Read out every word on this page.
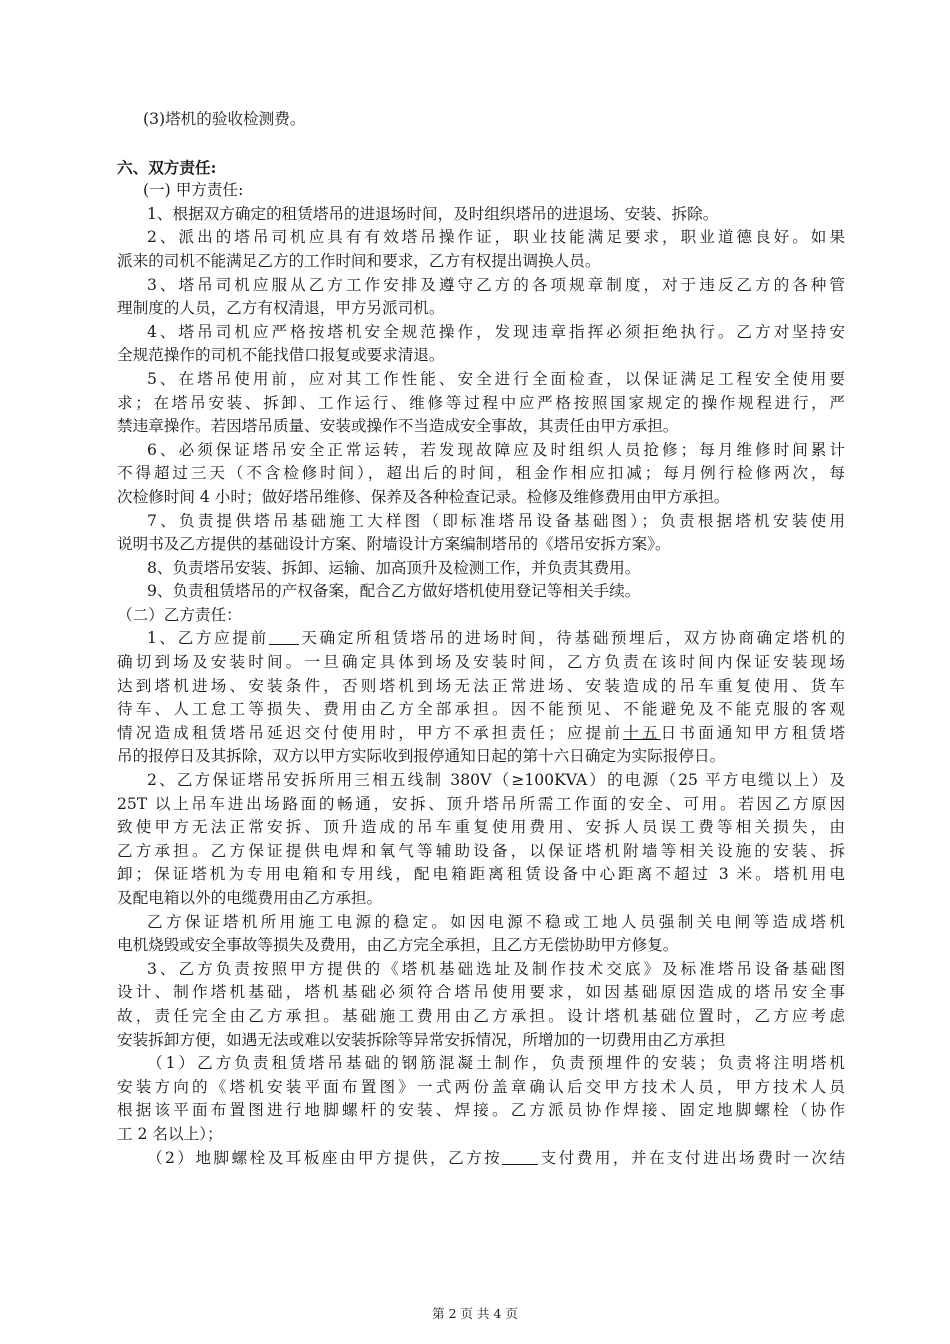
(3)塔机的验收检测费。

六、双方责任:

(一) 甲方责任:

1、根据双方确定的租赁塔吊的进退场时间，及时组织塔吊的进退场、安装、拆除。

2、派出的塔吊司机应具有有效塔吊操作证，职业技能满足要求，职业道德良好。如果

派来的司机不能满足乙方的工作时间和要求，乙方有权提出调换人员。

3、塔吊司机应服从乙方工作安排及遵守乙方的各项规章制度，对于违反乙方的各种管

理制度的人员，乙方有权清退，甲方另派司机。

4、塔吊司机应严格按塔机安全规范操作，发现违章指挥必须拒绝执行。乙方对坚持安

全规范操作的司机不能找借口报复或要求清退。

5、在塔吊使用前，应对其工作性能、安全进行全面检查，以保证满足工程安全使用要

求；在塔吊安装、拆卸、工作运行、维修等过程中应严格按照国家规定的操作规程进行，严

禁违章操作。若因塔吊质量、安装或操作不当造成安全事故，其责任由甲方承担。

6、必须保证塔吊安全正常运转，若发现故障应及时组织人员抢修；每月维修时间累计

不得超过三天（不含检修时间），超出后的时间，租金作相应扣减；每月例行检修两次，每

次检修时间 4 小时；做好塔吊维修、保养及各种检查记录。检修及维修费用由甲方承担。

7、负责提供塔吊基础施工大样图（即标准塔吊设备基础图）；负责根据塔机安装使用

说明书及乙方提供的基础设计方案、附墙设计方案编制塔吊的《塔吊安拆方案》。

8、负责塔吊安装、拆卸、运输、加高顶升及检测工作，并负责其费用。

9、负责租赁塔吊的产权备案，配合乙方做好塔机使用登记等相关手续。

（二）乙方责任：

1、乙方应提前 天确定所租赁塔吊的进场时间，待基础预埋后，双方协商确定塔机的

确切到场及安装时间。一旦确定具体到场及安装时间，乙方负责在该时间内保证安装现场

达到塔机进场、安装条件，否则塔机到场无法正常进场、安装造成的吊车重复使用、货车

待车、人工怠工等损失、费用由乙方全部承担。因不能预见、不能避免及不能克服的客观

情况造成租赁塔吊延迟交付使用时，甲方不承担责任；应提前十五日书面通知甲方租赁塔

吊的报停日及其拆除，双方以甲方实际收到报停通知日起的第十六日确定为实际报停日。

2、乙方保证塔吊安拆所用三相五线制 380V（≥100KVA）的电源（25 平方电缆以上）及

25T 以上吊车进出场路面的畅通，安拆、顶升塔吊所需工作面的安全、可用。若因乙方原因

致使甲方无法正常安拆、顶升造成的吊车重复使用费用、安拆人员误工费等相关损失，由

乙方承担。乙方保证提供电焊和氧气等辅助设备，以保证塔机附墙等相关设施的安装、拆

卸；保证塔机为专用电箱和专用线，配电箱距离租赁设备中心距离不超过 3 米。塔机用电

及配电箱以外的电缆费用由乙方承担。

乙方保证塔机所用施工电源的稳定。如因电源不稳或工地人员强制关电闸等造成塔机

电机烧毁或安全事故等损失及费用，由乙方完全承担，且乙方无偿协助甲方修复。

3、乙方负责按照甲方提供的《塔机基础选址及制作技术交底》及标准塔吊设备基础图

设计、制作塔机基础，塔机基础必须符合塔吊使用要求，如因基础原因造成的塔吊安全事

故，责任完全由乙方承担。基础施工费用由乙方承担。设计塔机基础位置时，乙方应考虑

安装拆卸方便，如遇无法或难以安装拆除等异常安拆情况，所增加的一切费用由乙方承担

（1）乙方负责租赁塔吊基础的钢筋混凝土制作，负责预埋件的安装；负责将注明塔机

安装方向的《塔机安装平面布置图》一式两份盖章确认后交甲方技术人员，甲方技术人员

根据该平面布置图进行地脚螺杆的安装、焊接。乙方派员协作焊接、固定地脚螺栓（协作

工 2 名以上）；

（2）地脚螺栓及耳板座由甲方提供，乙方按 支付费用，并在支付进出场费时一次结

第 2 页 共 4 页
